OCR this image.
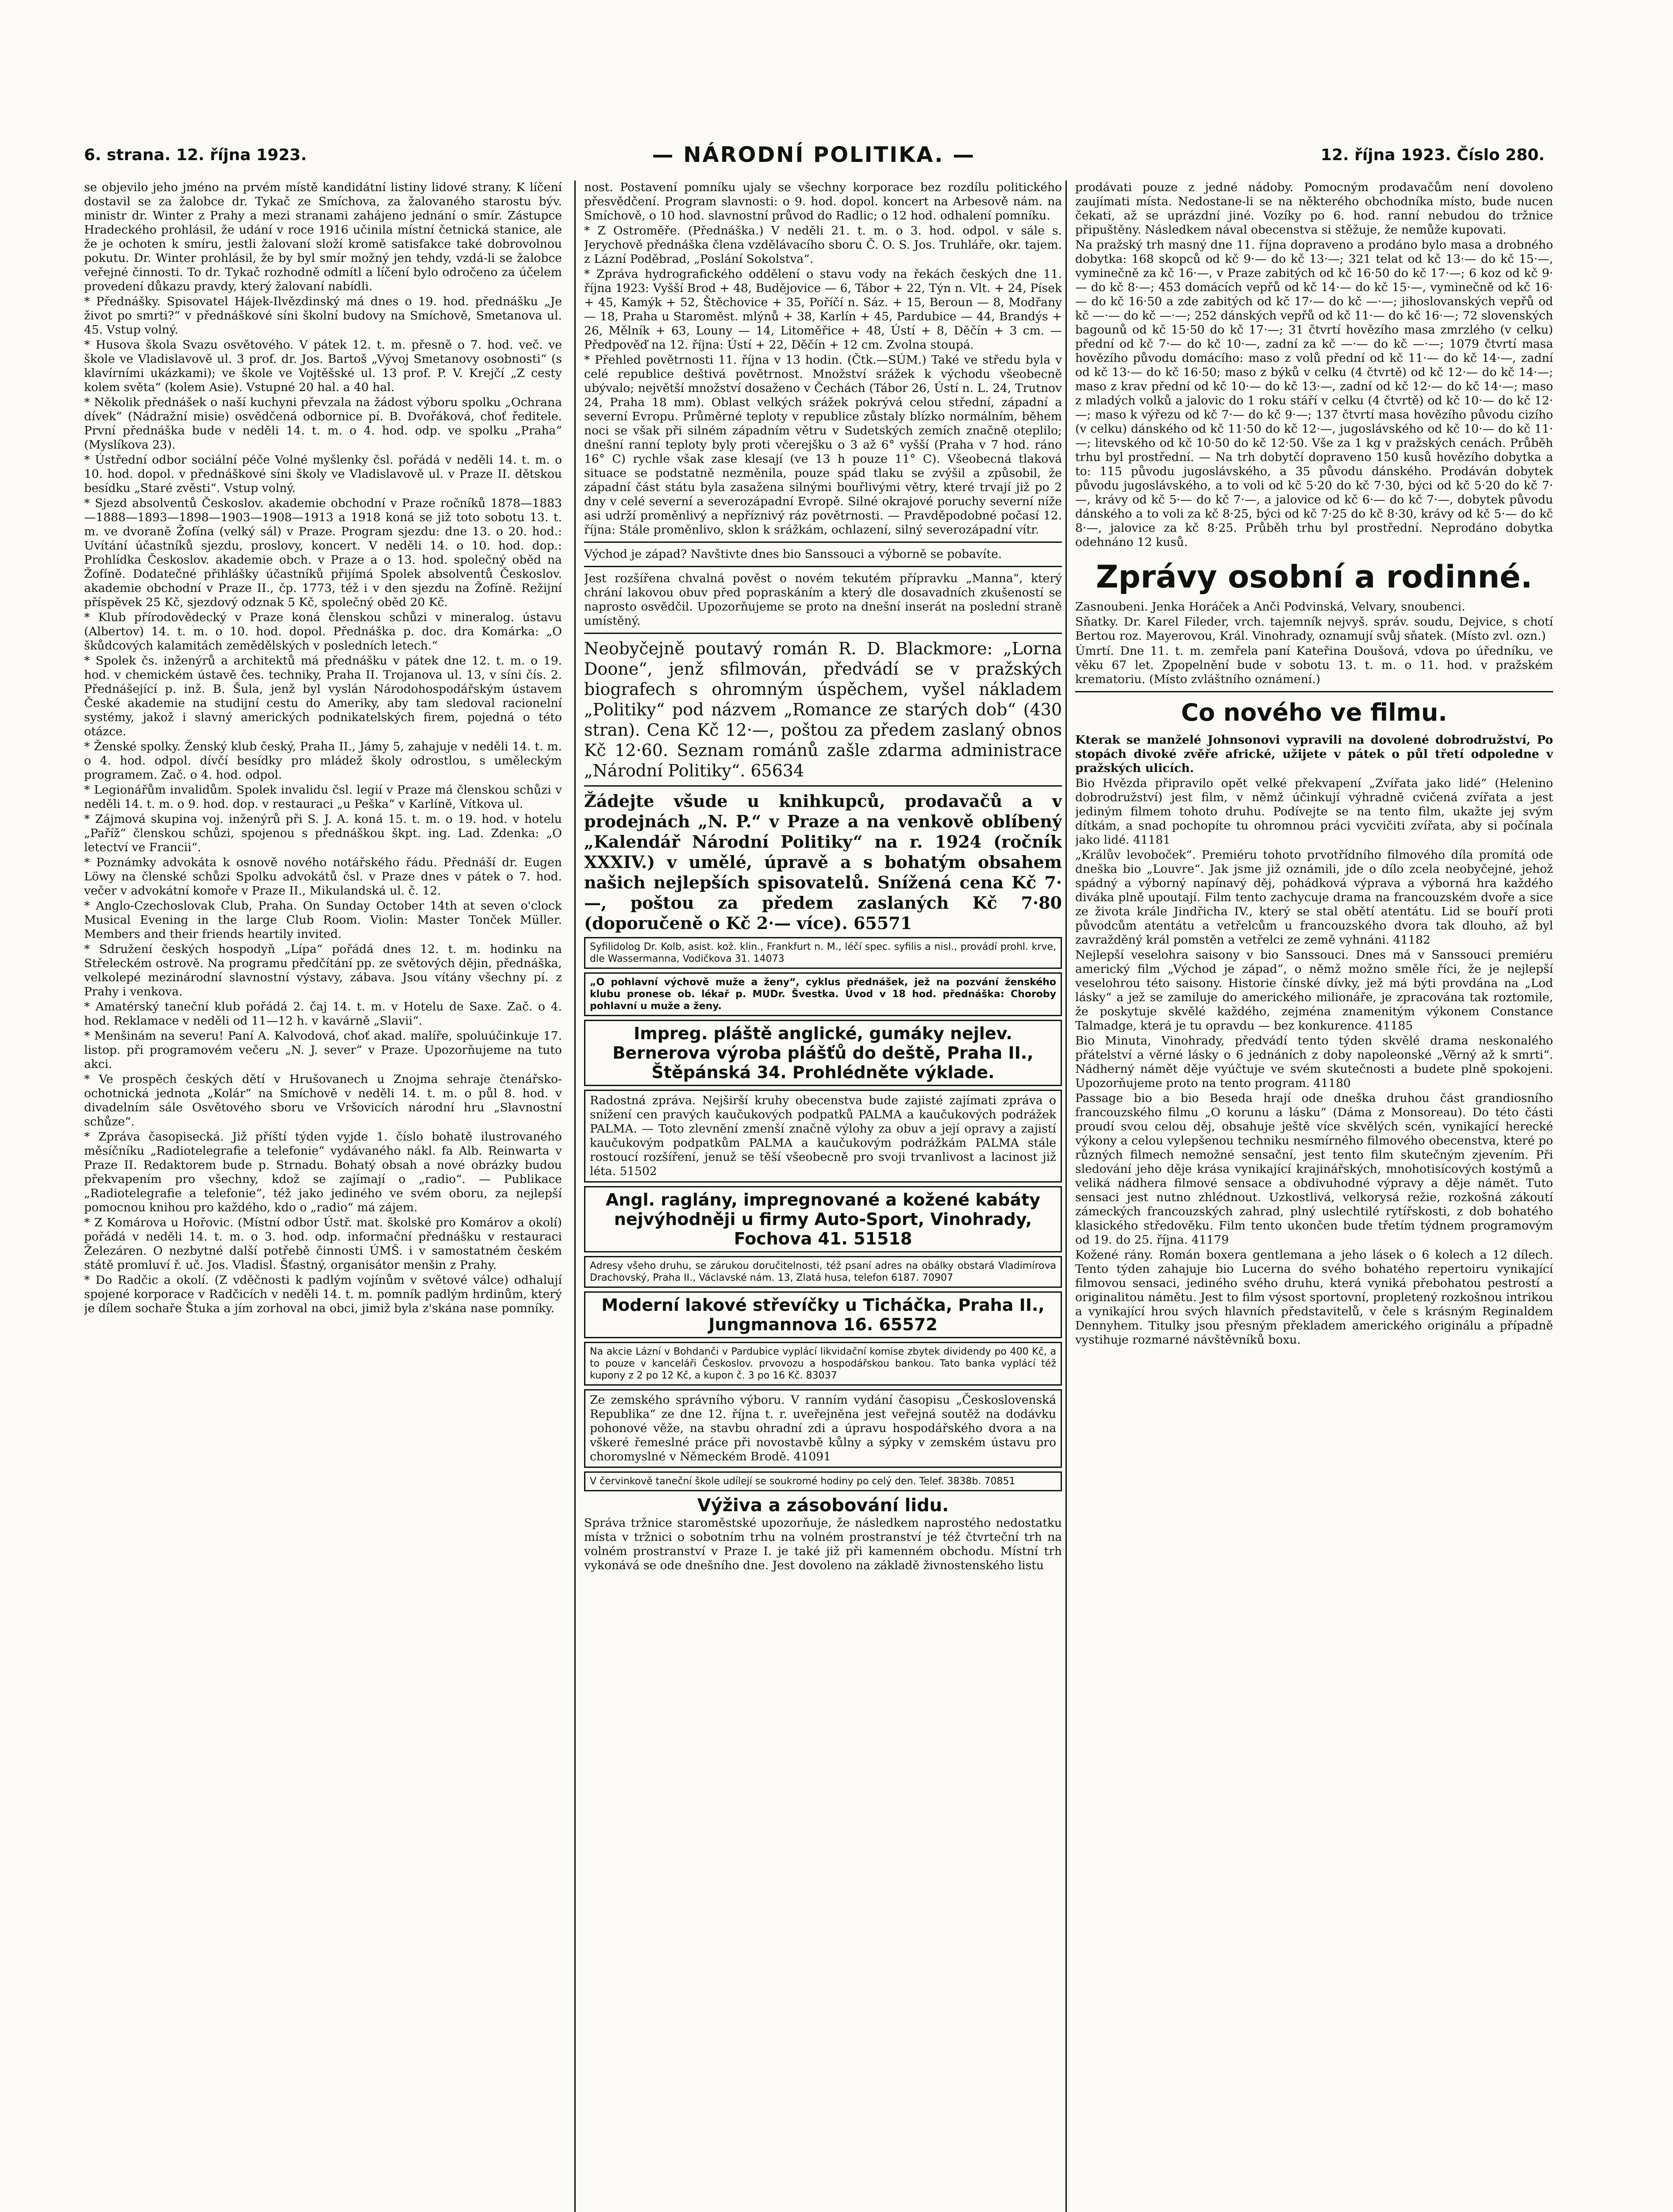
6. strana. 12. října 1923.	— NÁRODNÍ POLITIKA. —	12. října 1923. Číslo 280.

se objevilo jeho jméno na prvém místě kandidátní listiny lidové strany. K líčení dostavil se za žalobce dr. Tykač ze Smíchova, za žalovaného starostu býv. ministr dr. Winter z Prahy a mezi stranami zahájeno jednání o smír. Zástupce Hradeckého prohlásil, že udání v roce 1916 učinila místní četnická stanice, ale že je ochoten k smíru, jestli žalovaní složí kromě satisfakce také dobrovolnou pokutu. Dr. Winter prohlásil, že by byl smír možný jen tehdy, vzdá-li se žalobce veřejné činnosti. To dr. Tykač rozhodně odmítl a líčení bylo odročeno za účelem provedení důkazu pravdy, který žalovaní nabídli.

* Přednášky. Spisovatel Hájek-Ilvězdinský má dnes o 19. hod. přednášku „Je život po smrti?“ v přednáškové síni školní budovy na Smíchově, Smetanova ul. 45. Vstup volný.

* Husova škola Svazu osvětového. V pátek 12. t. m. přesně o 7. hod. več. ve škole ve Vladislavově ul. 3 prof. dr. Jos. Bartoš „Vývoj Smetanovy osobnosti“ (s klavírními ukázkami); ve škole ve Vojtěšské ul. 13 prof. P. V. Krejčí „Z cesty kolem světa“ (kolem Asie). Vstupné 20 hal. a 40 hal.

* Několik přednášek o naší kuchyni převzala na žádost výboru spolku „Ochrana dívek“ (Nádražní misie) osvědčená odbornice pí. B. Dvořáková, choť ředitele. První přednáška bude v neděli 14. t. m. o 4. hod. odp. ve spolku „Praha“ (Myslíkova 23).

* Ústřední odbor sociální péče Volné myšlenky čsl. pořádá v neděli 14. t. m. o 10. hod. dopol. v přednáškové síni školy ve Vladislavově ul. v Praze II. dětskou besídku „Staré zvěsti“. Vstup volný.

* Sjezd absolventů Českoslov. akademie obchodní v Praze ročníků 1878—1883—1888—1893—1898—1903—1908—1913 a 1918 koná se již toto sobotu 13. t. m. ve dvoraně Žofína (velký sál) v Praze. Program sjezdu: dne 13. o 20. hod.: Uvítání účastníků sjezdu, proslovy, koncert. V neděli 14. o 10. hod. dop.: Prohlídka Českoslov. akademie obch. v Praze a o 13. hod. společný oběd na Žofíně. Dodatečné přihlášky účastníků přijímá Spolek absolventů Českoslov. akademie obchodní v Praze II., čp. 1773, též i v den sjezdu na Žofíně. Režijní příspěvek 25 Kč, sjezdový odznak 5 Kč, společný oběd 20 Kč.

* Klub přírodovědecký v Praze koná členskou schůzi v mineralog. ústavu (Albertov) 14. t. m. o 10. hod. dopol. Přednáška p. doc. dra Komárka: „O škůdcových kalamitách zemědělských v posledních letech.“

* Spolek čs. inženýrů a architektů má přednášku v pátek dne 12. t. m. o 19. hod. v chemickém ústavě čes. techniky, Praha II. Trojanova ul. 13, v síni čís. 2. Přednášející p. inž. B. Šula, jenž byl vyslán Národohospodářským ústavem České akademie na studijní cestu do Ameriky, aby tam sledoval racionelní systémy, jakož i slavný amerických podnikatelských firem, pojedná o této otázce.

* Ženské spolky. Ženský klub český, Praha II., Jámy 5, zahajuje v neděli 14. t. m. o 4. hod. odpol. dívčí besídky pro mládež školy odrostlou, s uměleckým programem. Zač. o 4. hod. odpol.

* Legionářům invalidům. Spolek invalidu čsl. legií v Praze má členskou schůzi v neděli 14. t. m. o 9. hod. dop. v restauraci „u Peška“ v Karlíně, Vítkova ul.

* Zájmová skupina voj. inženýrů při S. J. A. koná 15. t. m. o 19. hod. v hotelu „Paříž“ členskou schůzi, spojenou s přednáškou škpt. ing. Lad. Zdenka: „O letectví ve Francii“.

* Poznámky advokáta k osnově nového notářského řádu. Přednáší dr. Eugen Löwy na členské schůzi Spolku advokátů čsl. v Praze dnes v pátek o 7. hod. večer v advokátní komoře v Praze II., Mikulandská ul. č. 12.

* Anglo-Czechoslovak Club, Praha. On Sunday October 14th at seven o'clock Musical Evening in the large Club Room. Violin: Master Tonček Müller. Members and their friends heartily invited.

* Sdružení českých hospodyň „Lípa“ pořádá dnes 12. t. m. hodinku na Střeleckém ostrově. Na programu předčítání pp. ze světových dějin, přednáška, velkolepé mezinárodní slavnostní výstavy, zábava. Jsou vítány všechny pí. z Prahy i venkova.

* Amatérský taneční klub pořádá 2. čaj 14. t. m. v Hotelu de Saxe. Zač. o 4. hod. Reklamace v neděli od 11—12 h. v kavárně „Slavii“.

* Menšinám na severu! Paní A. Kalvodová, choť akad. malíře, spoluúčinkuje 17. listop. při programovém večeru „N. J. sever“ v Praze. Upozorňujeme na tuto akci.

* Ve prospěch českých dětí v Hrušovanech u Znojma sehraje čtenářsko-ochotnická jednota „Kolár“ na Smíchově v neděli 14. t. m. o půl 8. hod. v divadelním sále Osvětového sboru ve Vršovicích národní hru „Slavnostní schůze“.

* Zpráva časopisecká. Již příští týden vyjde 1. číslo bohatě ilustrovaného měsíčníku „Radiotelegrafie a telefonie“ vydávaného nákl. fa Alb. Reinwarta v Praze II. Redaktorem bude p. Strnadu. Bohatý obsah a nové obrázky budou překvapením pro všechny, kdož se zajímají o „radio“. — Publikace „Radiotelegrafie a telefonie“, též jako jediného ve svém oboru, za nejlepší pomocnou knihou pro každého, kdo o „radio“ má zájem.

* Z Komárova u Hořovic. (Místní odbor Ústř. mat. školské pro Komárov a okolí) pořádá v neděli 14. t. m. o 3. hod. odp. informační přednášku v restauraci Železáren. O nezbytné další potřebě činnosti ÚMŠ. i v samostatném českém státě promluví ř. uč. Jos. Vladisl. Šťastný, organisátor menšin z Prahy.

* Do Radčic a okolí. (Z vděčnosti k padlým vojínům v světové válce) odhalují spojené korporace v Radčicích v neděli 14. t. m. pomník padlým hrdinům, který je dílem sochaře Štuka a jím zorhoval na obci, jimiž byla z'skána nase pomníky.

nost. Postavení pomníku ujaly se všechny korporace bez rozdílu politického přesvědčení. Program slavnosti: o 9. hod. dopol. koncert na Arbesově nám. na Smíchově, o 10 hod. slavnostní průvod do Radlic; o 12 hod. odhalení pomníku.

* Z Ostroměře. (Přednáška.) V neděli 21. t. m. o 3. hod. odpol. v sále s. Jerychově přednáška člena vzdělávacího sboru Č. O. S. Jos. Truhláře, okr. tajem. z Lázní Poděbrad, „Poslání Sokolstva“.

* Zpráva hydrografického oddělení o stavu vody na řekách českých dne 11. října 1923: Vyšší Brod + 48, Budějovice — 6, Tábor + 22, Týn n. Vlt. + 24, Písek + 45, Kamýk + 52, Štěchovice + 35, Poříčí n. Sáz. + 15, Beroun — 8, Modřany — 18, Praha u Staroměst. mlýnů + 38, Karlín + 45, Pardubice — 44, Brandýs + 26, Mělník + 63, Louny — 14, Litoměřice + 48, Ústí + 8, Děčín + 3 cm. — Předpověď na 12. října: Ústí + 22, Děčín + 12 cm. Zvolna stoupá.

* Přehled povětrnosti 11. října v 13 hodin. (Čtk.—SÚM.) Také ve středu byla v celé republice deštivá povětrnost. Množství srážek k východu všeobecně ubývalo; největší množství dosaženo v Čechách (Tábor 26, Ústí n. L. 24, Trutnov 24, Praha 18 mm). Oblast velkých srážek pokrývá celou střední, západní a severní Evropu. Průměrné teploty v republice zůstaly blízko normálním, během noci se však při silném západním větru v Sudetských zemích značně oteplilo; dnešní ranní teploty byly proti včerejšku o 3 až 6° vyšší (Praha v 7 hod. ráno 16° C) rychle však zase klesají (ve 13 h pouze 11° C). Všeobecná tlaková situace se podstatně nezměnila, pouze spád tlaku se zvýšil a způsobil, že západní část státu byla zasažena silnými bouřlivými větry, které trvají již po 2 dny v celé severní a severozápadní Evropě. Silné okrajové poruchy severní níže asi udrží proměnlivý a nepříznivý ráz povětrnosti. — Pravděpodobné počasí 12. října: Stále proměnlivo, sklon k srážkám, ochlazení, silný severozápadní vítr.

Východ je západ? Navštivte dnes bio Sanssouci a výborně se pobavíte.

Jest rozšířena chvalná pověst o novém tekutém přípravku „Manna“, který chrání lakovou obuv před popraskáním a který dle dosavadních zkušeností se naprosto osvědčil. Upozorňujeme se proto na dnešní inserát na poslední straně umístěný.

Neobyčejně poutavý román R. D. Blackmore: „Lorna Doone“, jenž sfilmován, předvádí se v pražských biografech s ohromným úspěchem, vyšel nákladem „Politiky“ pod názvem „Romance ze starých dob“ (430 stran). Cena Kč 12·—, poštou za předem zaslaný obnos Kč 12·60. Seznam románů zašle zdarma administrace „Národní Politiky“. 65634

Žádejte všude u knihkupců, prodavačů a v prodejnách „N. P.“ v Praze a na venkově oblíbený „Kalendář Národní Politiky“ na r. 1924 (ročník XXXIV.) v umělé, úpravě a s bohatým obsahem našich nejlepších spisovatelů. Snížená cena Kč 7·—, poštou za předem zaslaných Kč 7·80 (doporučeně o Kč 2·— více). 65571

Syfilidolog Dr. Kolb, asist. kož. klin., Frankfurt n. M., léčí spec. syfilis a nisl., provádí prohl. krve, dle Wassermanna, Vodičkova 31. 14073
„O pohlavní výchově muže a ženy“, cyklus přednášek, jež na pozvání ženského klubu pronese ob. lékař p. MUDr. Švestka. Úvod v 18 hod. přednáška: Choroby pohlavní u muže a ženy.
Impreg. pláště anglické, gumáky nejlev. Bernerova výroba plášťů do deště, Praha II., Štěpánská 34. Prohlédněte výklade.
Radostná zpráva. Nejširší kruhy obecenstva bude zajisté zajímati zpráva o snížení cen pravých kaučukových podpatků PALMA a kaučukových podrážek PALMA. — Toto zlevnění zmenší značně výlohy za obuv a její opravy a zajistí kaučukovým podpatkům PALMA a kaučukovým podrážkám PALMA stále rostoucí rozšíření, jenuž se těší všeobecně pro svoji trvanlivost a lacinost již léta. 51502
Angl. raglány, impregnované a kožené kabáty nejvýhodněji u firmy Auto-Sport, Vinohrady, Fochova 41. 51518
Adresy všeho druhu, se zárukou doručitelnosti, též psaní adres na obálky obstará Vladimírova Drachovský, Praha II., Václavské nám. 13, Zlatá husa, telefon 6187. 70907
Moderní lakové střevíčky u Ticháčka, Praha II., Jungmannova 16. 65572
Na akcie Lázní v Bohdanči v Pardubice vyplácí likvidační komise zbytek dividendy po 400 Kč, a to pouze v kanceláři Českoslov. prvovozu a hospodářskou bankou. Tato banka vyplácí též kupony z 2 po 12 Kč, a kupon č. 3 po 16 Kč. 83037
Ze zemského správního výboru. V ranním vydání časopisu „Československá Republika“ ze dne 12. října t. r. uveřejněna jest veřejná soutěž na dodávku pohonové věže, na stavbu ohradní zdi a úpravu hospodářského dvora a na vškeré řemeslné práce při novostavbě kůlny a sýpky v zemském ústavu pro choromyslné v Německém Brodě. 41091
V červinkově taneční škole udílejí se soukromé hodiny po celý den. Telef. 3838b. 70851
Výživa a zásobování lidu.

Správa tržnice staroměstské upozorňuje, že následkem naprostého nedostatku místa v tržnici o sobotním trhu na volném prostranství je též čtvrteční trh na volném prostranství v Praze I. je také již při kamenném obchodu. Místní trh vykonává se ode dnešního dne. Jest dovoleno na základě živnostenského listu

prodávati pouze z jedné nádoby. Pomocným prodavačům není dovoleno zaujímati místa. Nedostane-li se na některého obchodníka místo, bude nucen čekati, až se uprázdní jiné. Vozíky po 6. hod. ranní nebudou do tržnice připuštěny. Následkem nával obecenstva si stěžuje, že nemůže kupovati.

Na pražský trh masný dne 11. října dopraveno a prodáno bylo masa a drobného dobytka: 168 skopců od kč 9·— do kč 13·—; 321 telat od kč 13·— do kč 15·—, vyminečně za kč 16·—, v Praze zabitých od kč 16·50 do kč 17·—; 6 koz od kč 9·— do kč 8·—; 453 domácích vepřů od kč 14·— do kč 15·—, vyminečně od kč 16·— do kč 16·50 a zde zabitých od kč 17·— do kč —·—; jihoslovanských vepřů od kč —·— do kč —·—; 252 dánských vepřů od kč 11·— do kč 16·—; 72 slovenských bagounů od kč 15·50 do kč 17·—; 31 čtvrtí hovězího masa zmrzlého (v celku) přední od kč 7·— do kč 10·—, zadní za kč —·— do kč —·—; 1079 čtvrtí masa hovězího původu domácího: maso z volů přední od kč 11·— do kč 14·—, zadní od kč 13·— do kč 16·50; maso z býků v celku (4 čtvrtě) od kč 12·— do kč 14·—; maso z krav přední od kč 10·— do kč 13·—, zadní od kč 12·— do kč 14·—; maso z mladých volků a jalovic do 1 roku stáří v celku (4 čtvrtě) od kč 10·— do kč 12·—; maso k výřezu od kč 7·— do kč 9·—; 137 čtvrtí masa hovězího původu cizího (v celku) dánského od kč 11·50 do kč 12·—, jugoslávského od kč 10·— do kč 11·—; litevského od kč 10·50 do kč 12·50. Vše za 1 kg v pražských cenách. Průběh trhu byl prostřední. — Na trh dobytčí dopraveno 150 kusů hovězího dobytka a to: 115 původu jugoslávského, a 35 původu dánského. Prodáván dobytek původu jugoslávského, a to voli od kč 5·20 do kč 7·30, býci od kč 5·20 do kč 7·—, krávy od kč 5·— do kč 7·—, a jalovice od kč 6·— do kč 7·—, dobytek původu dánského a to voli za kč 8·25, býci od kč 7·25 do kč 8·30, krávy od kč 5·— do kč 8·—, jalovice za kč 8·25. Průběh trhu byl prostřední. Neprodáno dobytka odehnáno 12 kusů.

Zprávy osobní a rodinné.

Zasnoubeni. Jenka Horáček a Anči Podvinská, Velvary, snoubenci.

Sňatky. Dr. Karel Fileder, vrch. tajemník nejvyš. správ. soudu, Dejvice, s chotí Bertou roz. Mayerovou, Král. Vinohrady, oznamují svůj sňatek. (Místo zvl. ozn.)

Úmrtí. Dne 11. t. m. zemřela paní Kateřina Doušová, vdova po úředníku, ve věku 67 let. Zpopelnění bude v sobotu 13. t. m. o 11. hod. v pražském krematoriu. (Místo zvláštního oznámení.)

Co nového ve filmu.

Kterak se manželé Johnsonovi vypravili na dovolené dobrodružství, Po stopách divoké zvěře africké, užijete v pátek o půl třetí odpoledne v pražských ulicích.

Bio Hvězda připravilo opět velké překvapení „Zvířata jako lidé“ (Helenino dobrodružství) jest film, v němž účinkují výhradně cvičená zvířata a jest jediným filmem tohoto druhu. Podívejte se na tento film, ukažte jej svým dítkám, a snad pochopíte tu ohromnou práci vycvičiti zvířata, aby si počínala jako lidé. 41181

„Králův levoboček“. Premiéru tohoto prvotřídního filmového díla promítá ode dneška bio „Louvre“. Jak jsme již oznámili, jde o dílo zcela neobyčejné, jehož spádný a výborný napínavý děj, pohádková výprava a výborná hra každého diváka plně upoutají. Film tento zachycuje drama na francouzském dvoře a sice ze života krále Jindřicha IV., který se stal obětí atentátu. Lid se bouří proti původcům atentátu a vetřelcům u francouzského dvora tak dlouho, až byl zavražděný král pomstěn a vetřelci ze země vyhnáni. 41182

Nejlepší veselohra saisony v bio Sanssouci. Dnes má v Sanssouci premiéru americký film „Východ je západ“, o němž možno směle říci, že je nejlepší veselohrou této saisony. Historie čínské dívky, jež má býti provdána na „Loď lásky“ a jež se zamiluje do amerického milionáře, je zpracována tak roztomile, že poskytuje skvělé každého, zejména znamenitým výkonem Constance Talmadge, která je tu opravdu — bez konkurence. 41185

Bio Minuta, Vinohrady, předvádí tento týden skvělé drama neskonalého přátelství a věrné lásky o 6 jednáních z doby napoleonské „Věrný až k smrti“. Nádherný námět děje vyúčtuje ve svém skutečnosti a budete plně spokojeni. Upozorňujeme proto na tento program. 41180

Passage bio a bio Beseda hrají ode dneška druhou část grandiosního francouzského filmu „O korunu a lásku“ (Dáma z Monsoreau). Do této části proudí svou celou děj, obsahuje ještě více skvělých scén, vynikající herecké výkony a celou vylepšenou techniku nesmírného filmového obecenstva, které po různých filmech nemožné sensační, jest tento film skutečným zjevením. Při sledování jeho děje krása vynikající krajinářských, mnohotisícových kostýmů a veliká nádhera filmové sensace a obdivuhodné výpravy a děje námět. Tuto sensaci jest nutno zhlédnout. Uzkostlivá, velkorysá režie, rozkošná zákoutí zámeckých francouzských zahrad, plný uslechtilé rytířskosti, z dob bohatého klasického středověku. Film tento ukončen bude třetím týdnem programovým od 19. do 25. října. 41179

Kožené rány. Román boxera gentlemana a jeho lásek o 6 kolech a 12 dílech. Tento týden zahajuje bio Lucerna do svého bohatého repertoiru vynikající filmovou sensaci, jediného svého druhu, která vyniká přebohatou pestrostí a originalitou námětu. Jest to film výsost sportovní, propletený rozkošnou intrikou a vynikající hrou svých hlavních představitelů, v čele s krásným Reginaldem Dennyhem. Titulky jsou přesným překladem amerického originálu a případně vystihuje rozmarné návštěvníků boxu.
